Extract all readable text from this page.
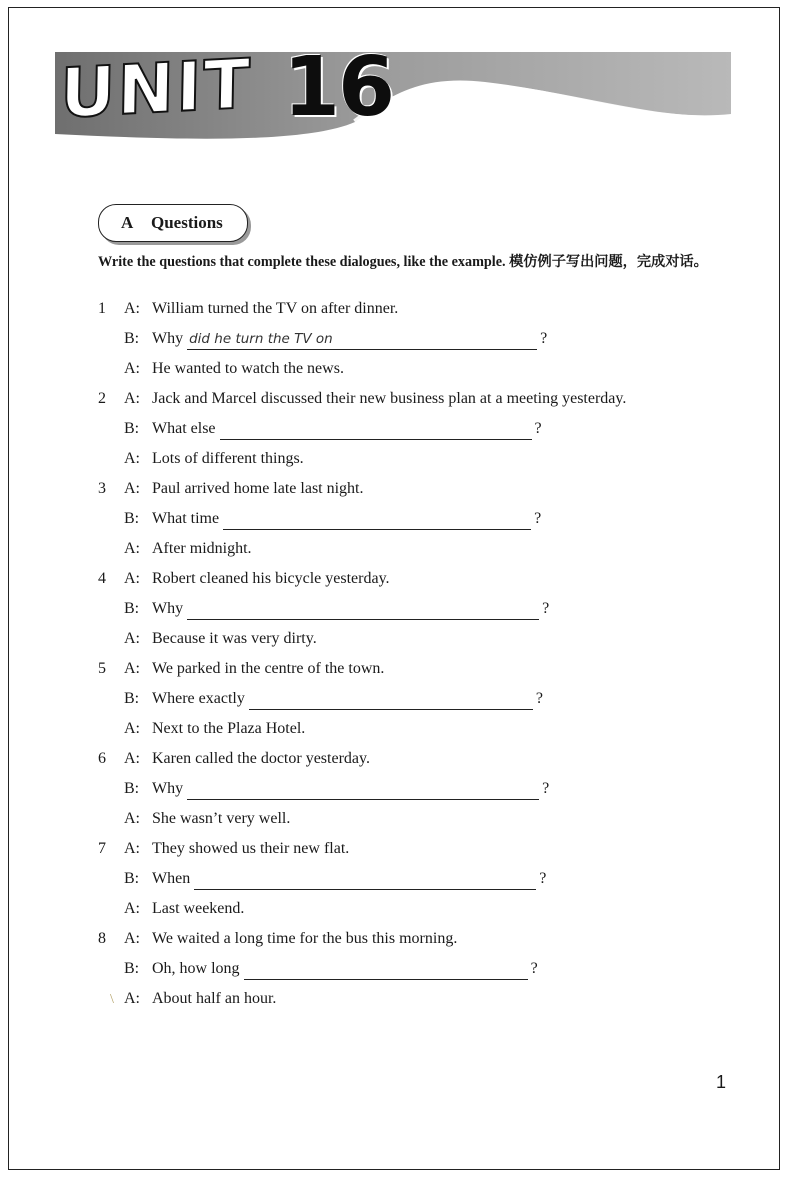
UNIT 16
A Questions
Write the questions that complete these dialogues, like the example. 模仿例子写出问题，完成对话。
1 A: William turned the TV on after dinner.
B: Why did he turn the TV on	?
A: He wanted to watch the news.
2 A: Jack and Marcel discussed their new business plan at a meeting yesterday.
B: What else	?
A: Lots of different things.
3 A: Paul arrived home late last night.
B: What time	?
A: After midnight.
4 A: Robert cleaned his bicycle yesterday.
B: Why	?
A: Because it was very dirty.
5 A: We parked in the centre of the town.
B: Where exactly	?
A: Next to the Plaza Hotel.
6 A: Karen called the doctor yesterday.
B: Why	?
A: She wasn’t very well.
7 A: They showed us their new flat.
B: When	?
A: Last weekend.
8 A: We waited a long time for the bus this morning.
B: Oh, how long	?
A: About half an hour.
\
1
